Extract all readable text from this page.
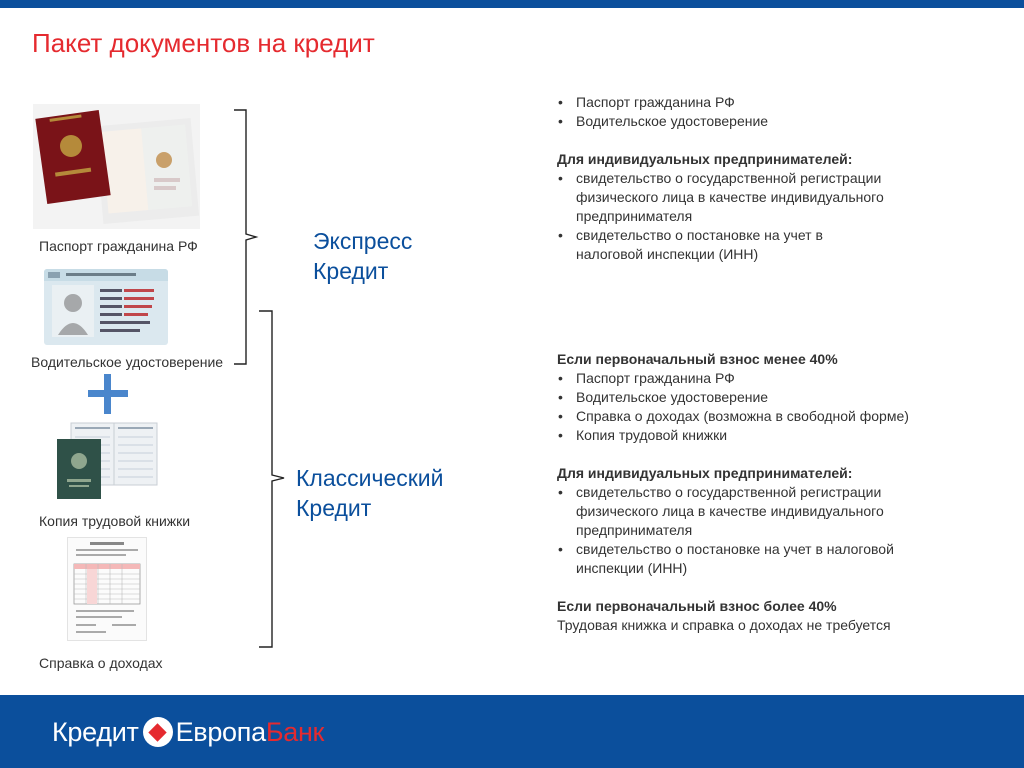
Пакет документов на кредит
Паспорт гражданина РФ
Водительское удостоверение
Копия трудовой книжки
Справка о доходах
Экспресс
Кредит
Классический
Кредит
• Паспорт гражданина РФ
• Водительское удостоверение

Для индивидуальных предпринимателей:

• свидетельство о государственной регистрации физического лица в качестве индивидуального предпринимателя
• свидетельство о постановке на учет в налоговой инспекции (ИНН)

Если первоначальный взнос менее 40%

• Паспорт гражданина РФ
• Водительское удостоверение
• Справка о доходах (возможна в свободной форме)
• Копия трудовой книжки

Для индивидуальных предпринимателей:

• свидетельство о государственной регистрации физического лица в качестве индивидуального предпринимателя
• свидетельство о постановке на учет в налоговой инспекции (ИНН)

Если первоначальный взнос более 40%

Трудовая книжка и справка о доходах не требуется

Кредит Европа Банк
